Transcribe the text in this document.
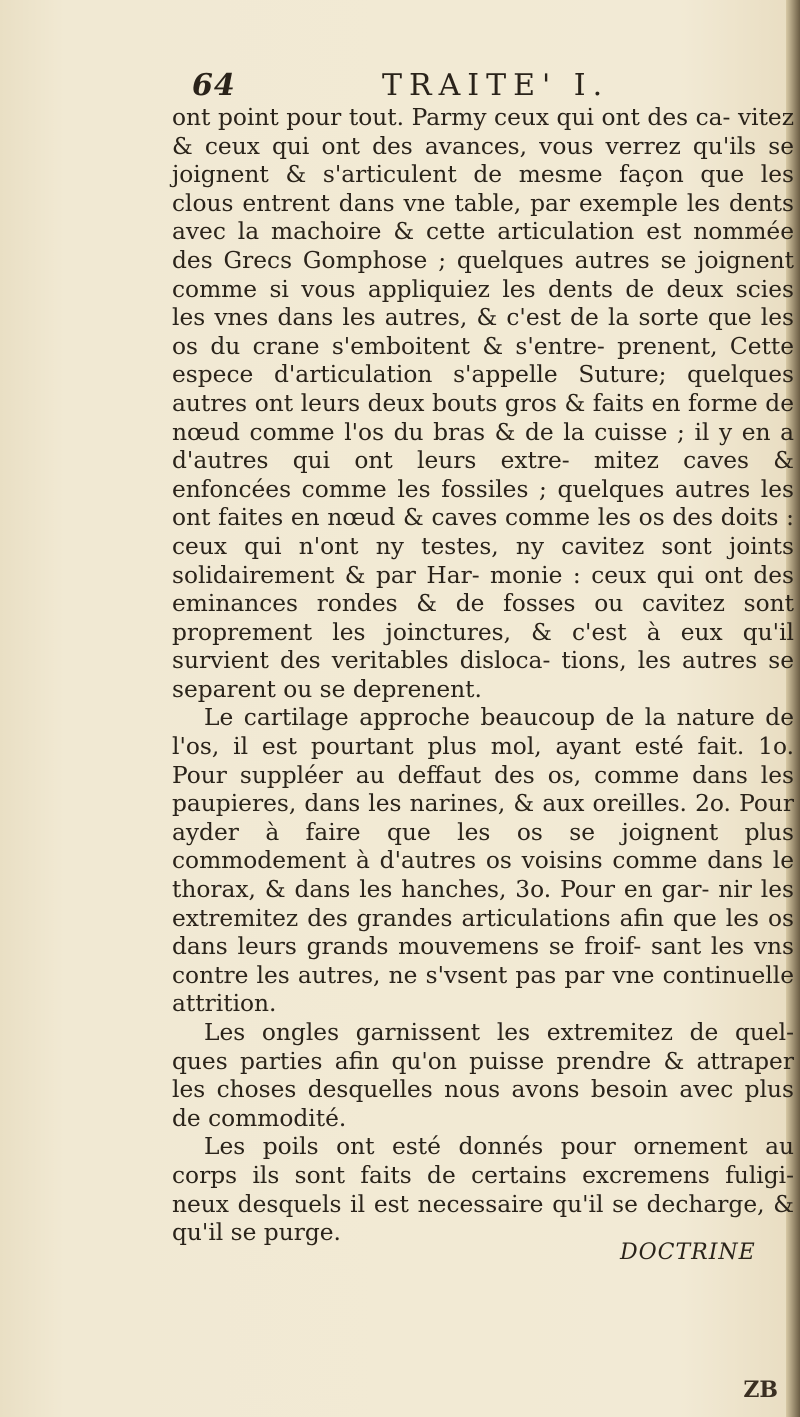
64	TRAITE' I.

ont point pour tout. Parmy ceux qui ont des ca- vitez & ceux qui ont des avances, vous verrez qu'ils se joignent & s'articulent de mesme façon que les clous entrent dans vne table, par exemple les dents avec la machoire & cette articulation est nommée des Grecs Gomphose ; quelques autres se joignent comme si vous appliquiez les dents de deux scies les vnes dans les autres, & c'est de la sorte que les os du crane s'emboitent & s'entre- prenent, Cette espece d'articulation s'appelle Suture; quelques autres ont leurs deux bouts gros & faits en forme de nœud comme l'os du bras & de la cuisse ; il y en a d'autres qui ont leurs extre- mitez caves & enfoncées comme les fossiles ; quelques autres les ont faites en nœud & caves comme les os des doits : ceux qui n'ont ny testes, ny cavitez sont joints solidairement & par Har- monie : ceux qui ont des eminances rondes & de fosses ou cavitez sont proprement les joinctures, & c'est à eux qu'il survient des veritables disloca- tions, les autres se separent ou se deprenent.

Le cartilage approche beaucoup de la nature de l'os, il est pourtant plus mol, ayant esté fait. 1o. Pour suppléer au deffaut des os, comme dans les paupieres, dans les narines, & aux oreilles. 2o. Pour ayder à faire que les os se joignent plus commodement à d'autres os voisins comme dans le thorax, & dans les hanches, 3o. Pour en gar- nir les extremitez des grandes articulations afin que les os dans leurs grands mouvemens se froif- sant les vns contre les autres, ne s'vsent pas par vne continuelle attrition.

Les ongles garnissent les extremitez de quel- ques parties afin qu'on puisse prendre & attraper les choses desquelles nous avons besoin avec plus de commodité.

Les poils ont esté donnés pour ornement au corps ils sont faits de certains excremens fuligi- neux desquels il est necessaire qu'il se decharge, & qu'il se purge.

DOCTRINE
ZB
